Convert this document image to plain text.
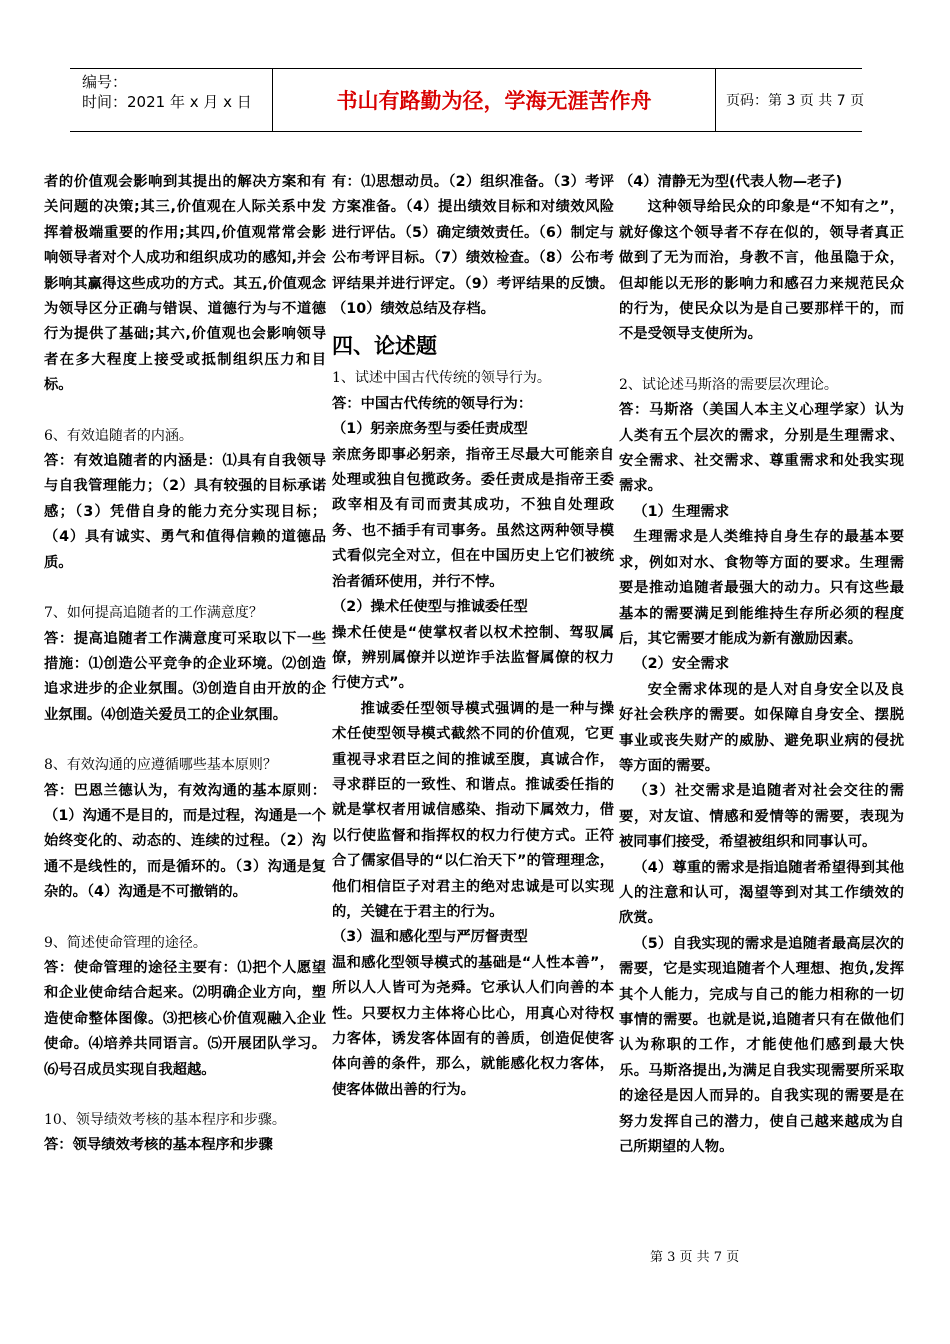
编号：
时间：2021 年 x 月 x 日	书山有路勤为径，学海无涯苦作舟	页码：第 3 页 共 7 页
者的价值观会影响到其提出的解决方案和有关问题的决策;其三,价值观在人际关系中发挥着极端重要的作用;其四,价值观常常会影响领导者对个人成功和组织成功的感知,并会影响其赢得这些成功的方式。其五,价值观念为领导区分正确与错误、道德行为与不道德行为提供了基础;其六,价值观也会影响领导者在多大程度上接受或抵制组织压力和目标。
6、有效追随者的内涵。
答：有效追随者的内涵是：⑴具有自我领导与自我管理能力；（2）具有较强的目标承诺感；（3）凭借自身的能力充分实现目标；（4）具有诚实、勇气和值得信赖的道德品质。
7、如何提高追随者的工作满意度？
答：提高追随者工作满意度可采取以下一些措施：⑴创造公平竞争的企业环境。⑵创造追求进步的企业氛围。⑶创造自由开放的企业氛围。⑷创造关爱员工的企业氛围。
8、有效沟通的应遵循哪些基本原则？
答：巴恩兰德认为，有效沟通的基本原则：（1）沟通不是目的，而是过程，沟通是一个始终变化的、动态的、连续的过程。（2）沟通不是线性的，而是循环的。（3）沟通是复杂的。（4）沟通是不可撤销的。
9、简述使命管理的途径。
答：使命管理的途径主要有：⑴把个人愿望和企业使命结合起来。⑵明确企业方向，塑造使命整体图像。⑶把核心价值观融入企业使命。⑷培养共同语言。⑸开展团队学习。⑹号召成员实现自我超越。
10、领导绩效考核的基本程序和步骤。
答：领导绩效考核的基本程序和步骤
有：⑴思想动员。（2）组织准备。（3）考评方案准备。（4）提出绩效目标和对绩效风险进行评估。（5）确定绩效责任。（6）制定与公布考评目标。（7）绩效检查。（8）公布考评结果并进行评定。（9）考评结果的反馈。（10）绩效总结及存档。
四、论述题
1、试述中国古代传统的领导行为。
答：中国古代传统的领导行为：
（1）躬亲庶务型与委任责成型
亲庶务即事必躬亲，指帝王尽最大可能亲自处理或独自包揽政务。委任责成是指帝王委政宰相及有司而责其成功，不独自处理政务、也不插手有司事务。虽然这两种领导模式看似完全对立，但在中国历史上它们被统治者循环使用，并行不悖。
（2）操术任使型与推诚委任型
操术任使是“使掌权者以权术控制、驾驭属僚，辨别属僚并以逆诈手法监督属僚的权力行使方式”。
推诚委任型领导模式强调的是一种与操术任使型领导模式截然不同的价值观，它更重视寻求君臣之间的推诚至腹，真诚合作，寻求群臣的一致性、和谐点。推诚委任指的就是掌权者用诚信感染、指动下属效力，借以行使监督和指挥权的权力行使方式。正符合了儒家倡导的“以仁治天下”的管理理念，他们相信臣子对君主的绝对忠诚是可以实现的，关键在于君主的行为。
（3）温和感化型与严厉督责型
温和感化型领导模式的基础是“人性本善”，所以人人皆可为尧舜。它承认人们向善的本性。只要权力主体将心比心，用真心对待权力客体，诱发客体固有的善质，创造促使客体向善的条件，那么，就能感化权力客体，使客体做出善的行为。
（4）清静无为型(代表人物—老子)
这种领导给民众的印象是“不知有之”，就好像这个领导者不存在似的，领导者真正做到了无为而治，身教不言，他虽隐于众，但却能以无形的影响力和感召力来规范民众的行为，使民众以为是自己要那样干的，而不是受领导支使所为。
2、试论述马斯洛的需要层次理论。
答：马斯洛（美国人本主义心理学家）认为人类有五个层次的需求，分别是生理需求、安全需求、社交需求、尊重需求和处我实现需求。
（1）生理需求
生理需求是人类维持自身生存的最基本要求，例如对水、食物等方面的要求。生理需要是推动追随者最强大的动力。只有这些最基本的需要满足到能维持生存所必须的程度后，其它需要才能成为新有激励因素。
（2）安全需求
安全需求体现的是人对自身安全以及良好社会秩序的需要。如保障自身安全、摆脱事业或丧失财产的威胁、避免职业病的侵扰等方面的需要。
（3）社交需求是追随者对社会交往的需要，对友谊、情感和爱情等的需要，表现为被同事们接受，希望被组织和同事认可。
（4）尊重的需求是指追随者希望得到其他人的注意和认可，渴望等到对其工作绩效的欣赏。
（5）自我实现的需求是追随者最高层次的需要，它是实现追随者个人理想、抱负,发挥其个人能力，完成与自己的能力相称的一切事情的需要。也就是说,追随者只有在做他们认为称职的工作，才能使他们感到最大快乐。马斯洛提出,为满足自我实现需要所采取的途径是因人而异的。自我实现的需要是在努力发挥自己的潜力，使自己越来越成为自己所期望的人物。
第 3 页 共 7 页
